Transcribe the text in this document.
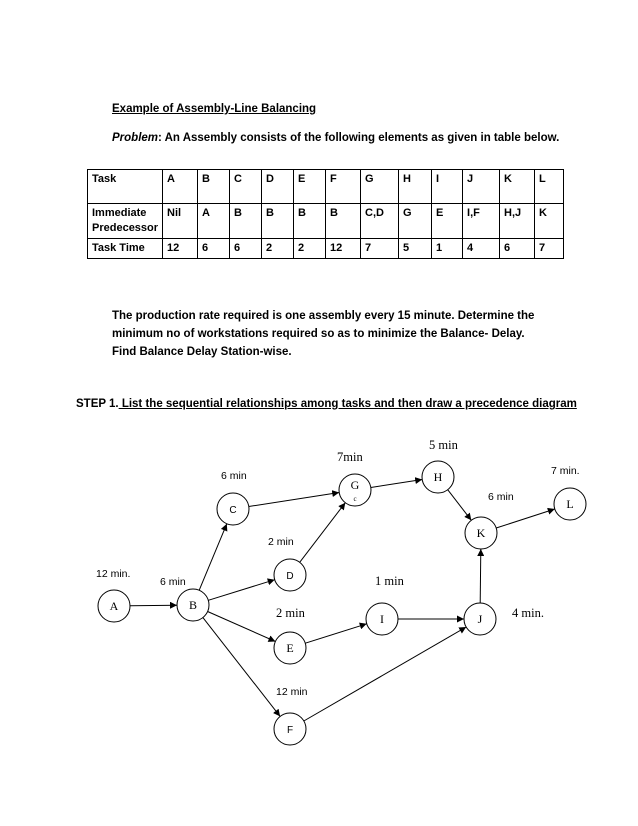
Example of Assembly-Line Balancing
Problem: An Assembly consists of the following elements as given in table below.
Task	A	B	C	D	E	F	G	H	I	J	K	L
Immediate Predecessor	Nil	A	B	B	B	B	C,D	G	E	I,F	H,J	K
Task Time	12	6	6	2	2	12	7	5	1	4	6	7
The production rate required is one assembly every 15 minute. Determine the minimum no of workstations required so as to minimize the Balance- Delay. Find Balance Delay Station-wise.
STEP 1. List the sequential relationships among tasks and then draw a precedence diagram
A	B
C
D
E
F
G
H
I	J
K
L
c
12 min.
6 min
6 min
2 min
2 min
12 min
7min
5 min
1 min
4 min.
6 min
7 min.
